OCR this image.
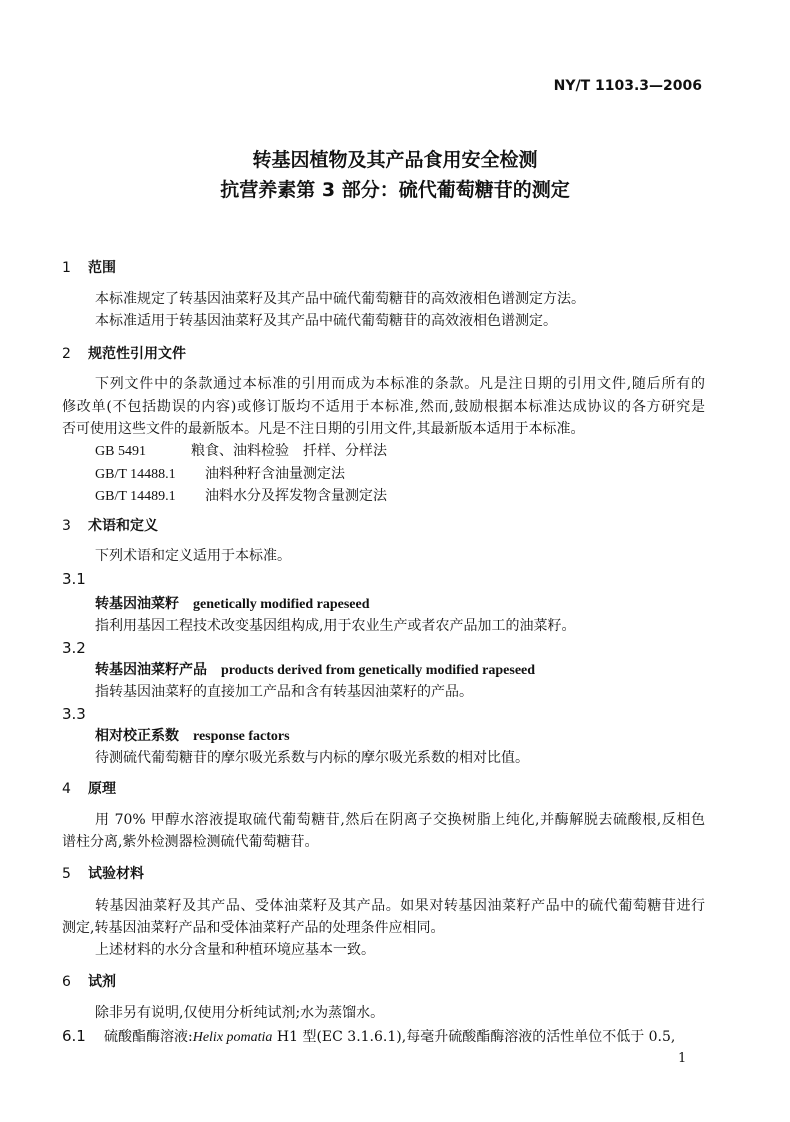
NY/T 1103.3—2006
转基因植物及其产品食用安全检测
抗营养素第 3 部分：硫代葡萄糖苷的测定
1 范围
本标准规定了转基因油菜籽及其产品中硫代葡萄糖苷的高效液相色谱测定方法。
本标准适用于转基因油菜籽及其产品中硫代葡萄糖苷的高效液相色谱测定。
2 规范性引用文件
下列文件中的条款通过本标准的引用而成为本标准的条款。凡是注日期的引用文件,随后所有的
修改单(不包括勘误的内容)或修订版均不适用于本标准,然而,鼓励根据本标准达成协议的各方研究是
否可使用这些文件的最新版本。凡是不注日期的引用文件,其最新版本适用于本标准。
GB 5491	粮食、油料检验　扦样、分样法
GB/T 14488.1 油料种籽含油量测定法
GB/T 14489.1 油料水分及挥发物含量测定法
3 术语和定义
下列术语和定义适用于本标准。
3.1
转基因油菜籽 genetically modified rapeseed
指利用基因工程技术改变基因组构成,用于农业生产或者农产品加工的油菜籽。
3.2
转基因油菜籽产品 products derived from genetically modified rapeseed
指转基因油菜籽的直接加工产品和含有转基因油菜籽的产品。
3.3
相对校正系数 response factors
待测硫代葡萄糖苷的摩尔吸光系数与内标的摩尔吸光系数的相对比值。
4 原理
用 70% 甲醇水溶液提取硫代葡萄糖苷,然后在阴离子交换树脂上纯化,并酶解脱去硫酸根,反相色
谱柱分离,紫外检测器检测硫代葡萄糖苷。
5 试验材料
转基因油菜籽及其产品、受体油菜籽及其产品。如果对转基因油菜籽产品中的硫代葡萄糖苷进行
测定,转基因油菜籽产品和受体油菜籽产品的处理条件应相同。
上述材料的水分含量和种植环境应基本一致。
6 试剂
除非另有说明,仅使用分析纯试剂;水为蒸馏水。
6.1 硫酸酯酶溶液:Helix pomatia H1 型(EC 3.1.6.1),每毫升硫酸酯酶溶液的活性单位不低于 0.5,
1
